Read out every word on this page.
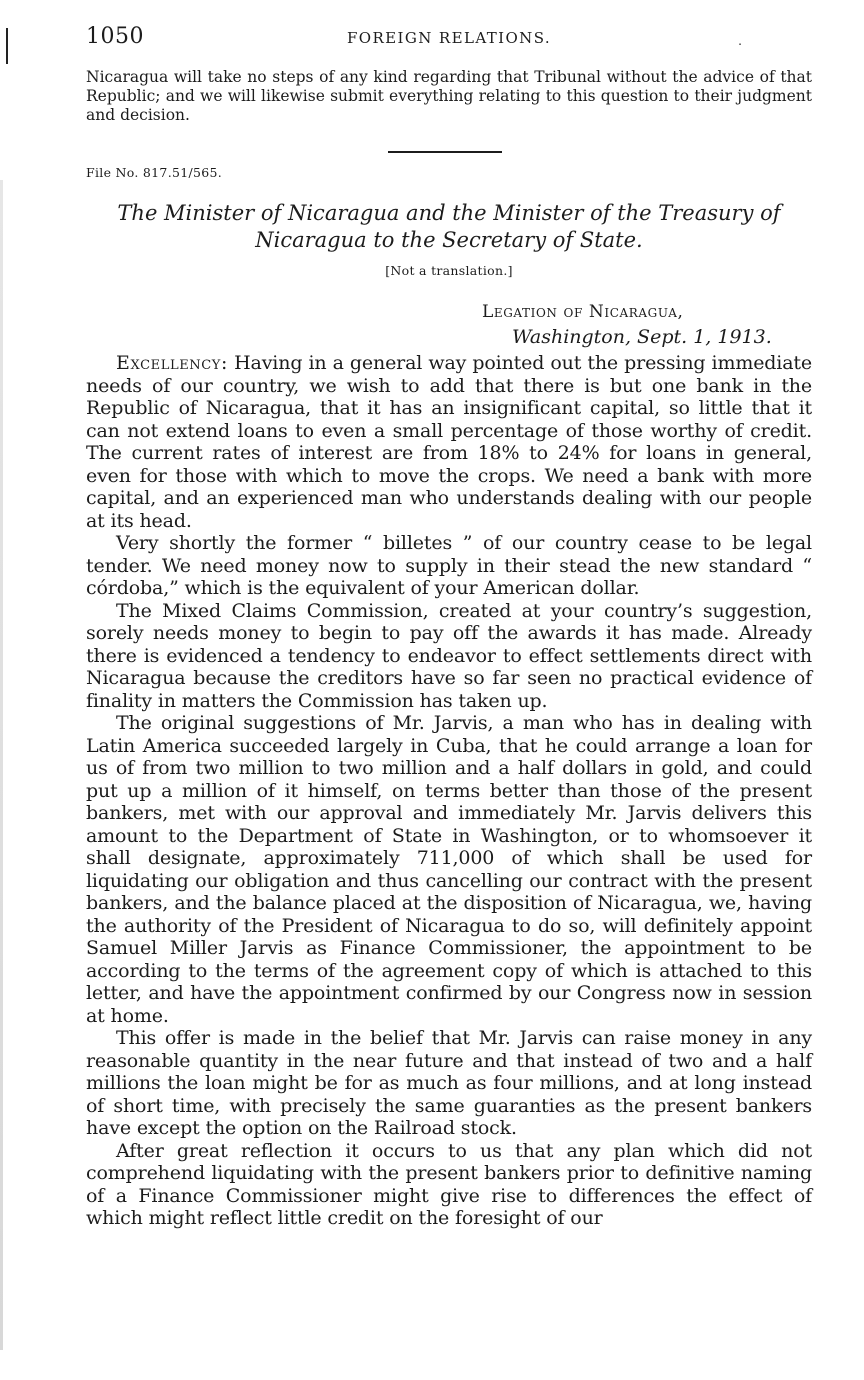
1050	FOREIGN RELATIONS.	.
Nicaragua will take no steps of any kind regarding that Tribunal without the advice of that Republic; and we will likewise submit everything relating to this question to their judgment and decision.
File No. 817.51/565.
The Minister of Nicaragua and the Minister of the Treasury of Nicaragua to the Secretary of State.
[Not a translation.]
Legation of Nicaragua,
Washington, Sept. 1, 1913.

Excellency: Having in a general way pointed out the pressing immediate needs of our country, we wish to add that there is but one bank in the Republic of Nicaragua, that it has an insignificant capital, so little that it can not extend loans to even a small percentage of those worthy of credit. The current rates of interest are from 18% to 24% for loans in general, even for those with which to move the crops. We need a bank with more capital, and an experienced man who understands dealing with our people at its head.

Very shortly the former “ billetes ” of our country cease to be legal tender. We need money now to supply in their stead the new standard “ córdoba,” which is the equivalent of your American dollar.

The Mixed Claims Commission, created at your country’s suggestion, sorely needs money to begin to pay off the awards it has made. Already there is evidenced a tendency to endeavor to effect settlements direct with Nicaragua because the creditors have so far seen no practical evidence of finality in matters the Commission has taken up.

The original suggestions of Mr. Jarvis, a man who has in dealing with Latin America succeeded largely in Cuba, that he could arrange a loan for us of from two million to two million and a half dollars in gold, and could put up a million of it himself, on terms better than those of the present bankers, met with our approval and immediately Mr. Jarvis delivers this amount to the Department of State in Washington, or to whomsoever it shall designate, approximately 711,000 of which shall be used for liquidating our obligation and thus cancelling our contract with the present bankers, and the balance placed at the disposition of Nicaragua, we, having the authority of the President of Nicaragua to do so, will definitely appoint Samuel Miller Jarvis as Finance Commissioner, the appointment to be according to the terms of the agreement copy of which is attached to this letter, and have the appointment confirmed by our Congress now in session at home.

This offer is made in the belief that Mr. Jarvis can raise money in any reasonable quantity in the near future and that instead of two and a half millions the loan might be for as much as four millions, and at long instead of short time, with precisely the same guaranties as the present bankers have except the option on the Railroad stock.

After great reflection it occurs to us that any plan which did not comprehend liquidating with the present bankers prior to definitive naming of a Finance Commissioner might give rise to differences the effect of which might reflect little credit on the foresight of our
